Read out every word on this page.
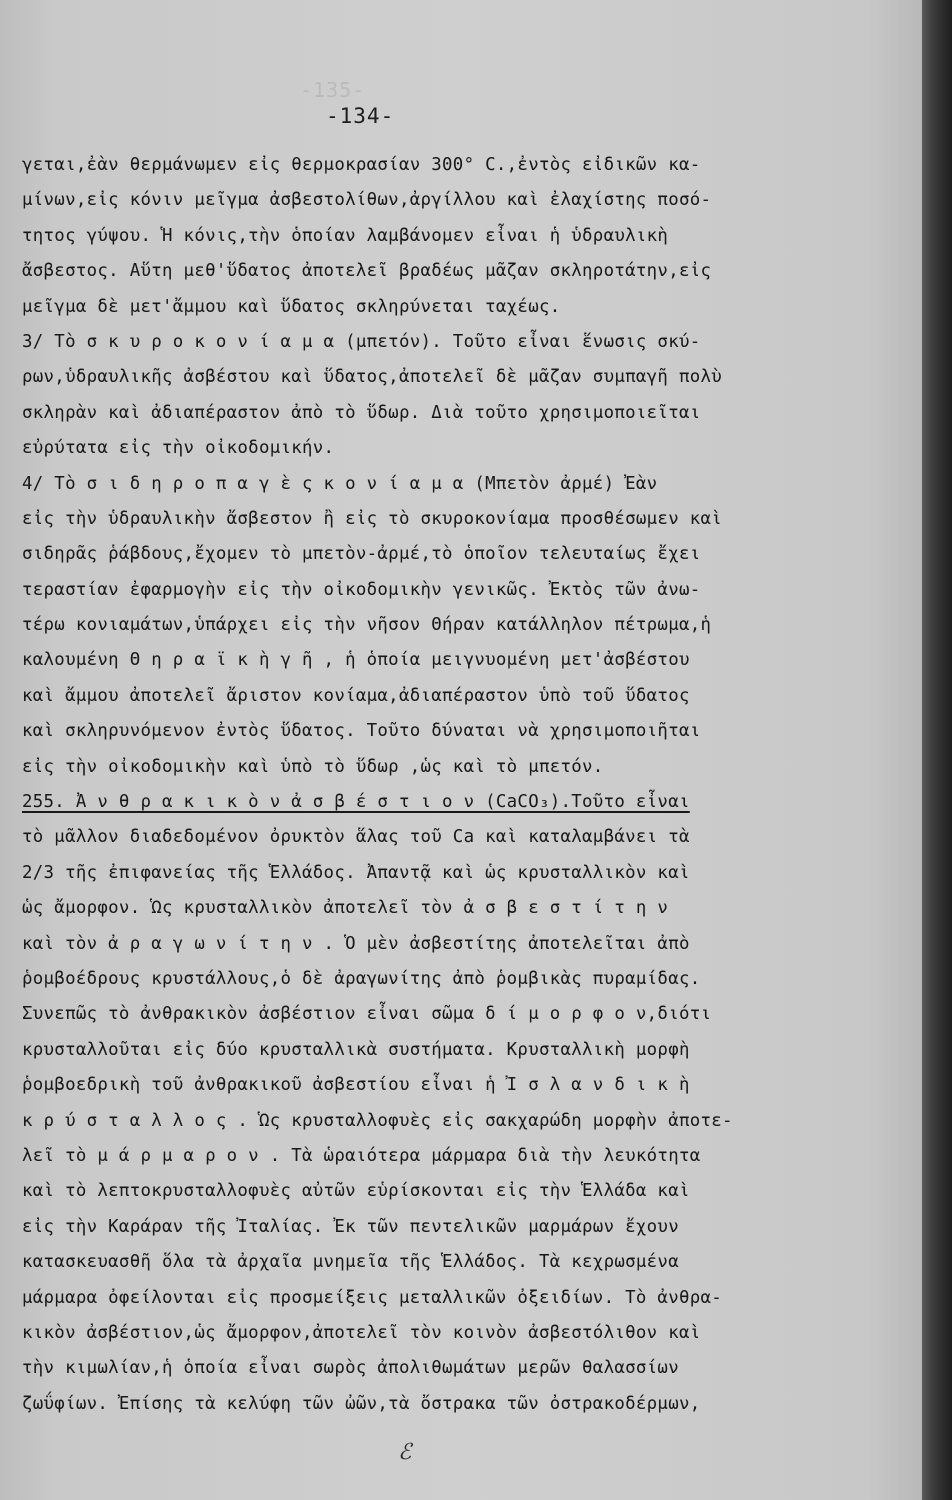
-135-
-134-
γεται,ἐὰν θερμάνωμεν εἰς θερμοκρασίαν 300° C.,ἐντὸς εἰδικῶν κα-
μίνων,εἰς κόνιν μεῖγμα ἀσβεστολίθων,ἀργίλλου καὶ ἐλαχίστης ποσό-
τητος γύψου. Ἡ κόνις,τὴν ὁποίαν λαμβάνομεν εἶναι ἡ ὑδραυλικὴ
ἄσβεστος. Αὕτη μεθ'ὕδατος ἀποτελεῖ βραδέως μᾶζαν σκληροτάτην,εἰς
μεῖγμα δὲ μετ'ἄμμου καὶ ὕδατος σκληρύνεται ταχέως.
3/ Τὸ σ κ υ ρ ο κ ο ν ί α μ α (μπετόν). Τοῦτο εἶναι ἕνωσις σκύ-
ρων,ὑδραυλικῆς ἀσβέστου καὶ ὕδατος,ἀποτελεῖ δὲ μᾶζαν συμπαγῆ πολὺ
σκληρὰν καὶ ἀδιαπέραστον ἀπὸ τὸ ὕδωρ. Διὰ τοῦτο χρησιμοποιεῖται
εὐρύτατα εἰς τὴν οἰκοδομικήν.
4/ Τὸ σ ι δ η ρ ο π α γ ὲ ς κ ο ν ί α μ α (Μπετὸν ἀρμέ) Ἐὰν
εἰς τὴν ὑδραυλικὴν ἄσβεστον ἢ εἰς τὸ σκυροκονίαμα προσθέσωμεν καὶ
σιδηρᾶς ῥάβδους,ἔχομεν τὸ μπετὸν-ἀρμέ,τὸ ὁποῖον τελευταίως ἔχει
τεραστίαν ἐφαρμογὴν εἰς τὴν οἰκοδομικὴν γενικῶς. Ἐκτὸς τῶν ἀνω-
τέρω κονιαμάτων,ὑπάρχει εἰς τὴν νῆσον Θήραν κατάλληλον πέτρωμα,ἡ
καλουμένη Θ η ρ α ϊ κ ὴ γ ῆ , ἡ ὁποία μειγνυομένη μετ'ἀσβέστου
καὶ ἄμμου ἀποτελεῖ ἄριστον κονίαμα,ἀδιαπέραστον ὑπὸ τοῦ ὕδατος
καὶ σκληρυνόμενον ἐντὸς ὕδατος. Τοῦτο δύναται νὰ χρησιμοποιῆται
εἰς τὴν οἰκοδομικὴν καὶ ὑπὸ τὸ ὕδωρ ,ὡς καὶ τὸ μπετόν.
255. Ἀ ν θ ρ α κ ι κ ὸ ν ἀ σ β έ σ τ ι ο ν (CaCO₃).Τοῦτο εἶναι
τὸ μᾶλλον διαδεδομένον ὀρυκτὸν ἅλας τοῦ Ca καὶ καταλαμβάνει τὰ
2/3 τῆς ἐπιφανείας τῆς Ἑλλάδος. Ἀπαντᾷ καὶ ὡς κρυσταλλικὸν καὶ
ὡς ἄμορφον. Ὡς κρυσταλλικὸν ἀποτελεῖ τὸν ἀ σ β ε σ τ ί τ η ν
καὶ τὸν ἀ ρ α γ ω ν ί τ η ν . Ὁ μὲν ἀσβεστίτης ἀποτελεῖται ἀπὸ
ῥομβοέδρους κρυστάλλους,ὁ δὲ ἀραγωνίτης ἀπὸ ῥομβικὰς πυραμίδας.
Συνεπῶς τὸ ἀνθρακικὸν ἀσβέστιον εἶναι σῶμα δ ί μ ο ρ φ ο ν,διότι
κρυσταλλοῦται εἰς δύο κρυσταλλικὰ συστήματα. Κρυσταλλικὴ μορφὴ
ῥομβοεδρικὴ τοῦ ἀνθρακικοῦ ἀσβεστίου εἶναι ἡ Ἰ σ λ α ν δ ι κ ὴ
κ ρ ύ σ τ α λ λ ο ς . Ὡς κρυσταλλοφυὲς εἰς σακχαρώδη μορφὴν ἀποτε-
λεῖ τὸ μ ά ρ μ α ρ ο ν . Τὰ ὡραιότερα μάρμαρα διὰ τὴν λευκότητα
καὶ τὸ λεπτοκρυσταλλοφυὲς αὐτῶν εὑρίσκονται εἰς τὴν Ἑλλάδα καὶ
εἰς τὴν Καράραν τῆς Ἰταλίας. Ἐκ τῶν πεντελικῶν μαρμάρων ἔχουν
κατασκευασθῆ ὅλα τὰ ἀρχαῖα μνημεῖα τῆς Ἑλλάδος. Τὰ κεχρωσμένα
μάρμαρα ὀφείλονται εἰς προσμείξεις μεταλλικῶν ὀξειδίων. Τὸ ἀνθρα-
κικὸν ἀσβέστιον,ὡς ἄμορφον,ἀποτελεῖ τὸν κοινὸν ἀσβεστόλιθον καὶ
τὴν κιμωλίαν,ἡ ὁποία εἶναι σωρὸς ἀπολιθωμάτων μερῶν θαλασσίων
ζωΰφίων. Ἐπίσης τὰ κελύφη τῶν ὠῶν,τὰ ὄστρακα τῶν ὀστρακοδέρμων,
ℰ
